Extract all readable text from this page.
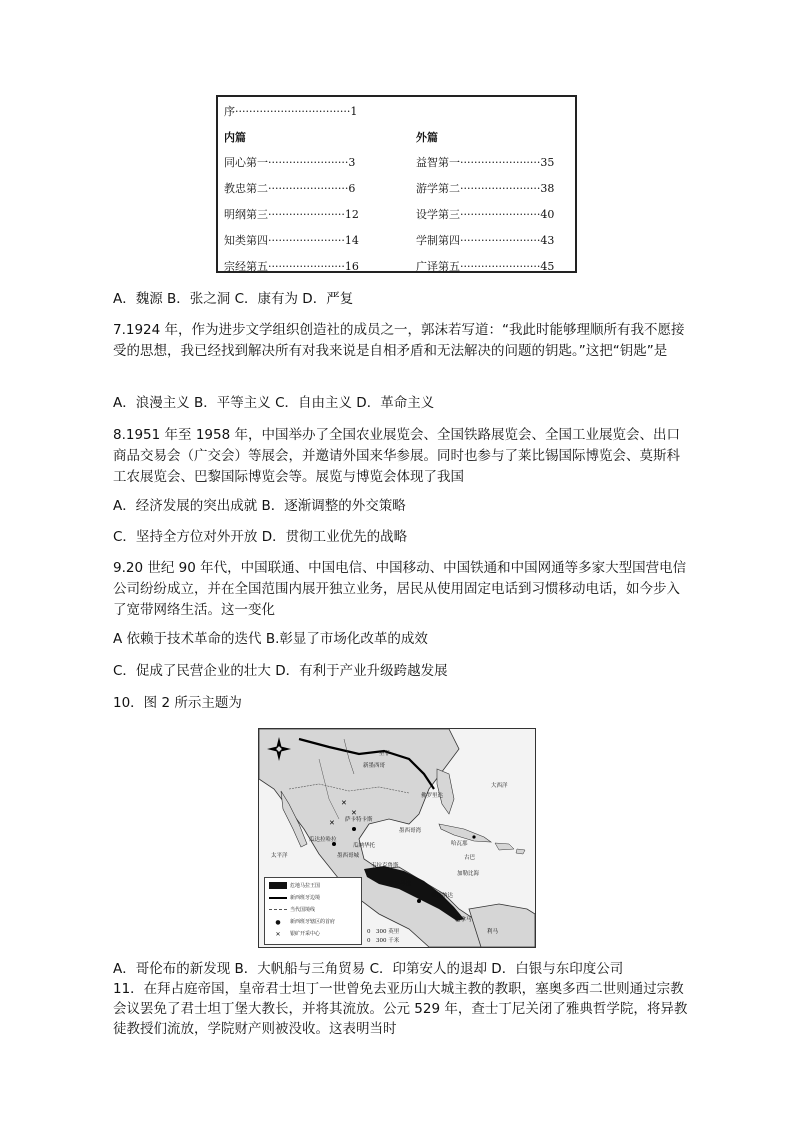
序·································1
内篇	外篇
同心第一·······················3
教忠第二·······················6
明纲第三······················12
知类第四······················14
宗经第五······················16
益智第一·······················35
游学第二·······················38
设学第三·······················40
学制第四·······················43
广译第五·······················45
A．魏源 B．张之洞 C．康有为 D．严复
7.1924 年，作为进步文学组织创造社的成员之一，郭沫若写道：“我此时能够理顺所有我不愿接受的思想，我已经找到解决所有对我来说是自相矛盾和无法解决的问题的钥匙。”这把“钥匙”是
A．浪漫主义 B．平等主义 C．自由主义 D．革命主义
8.1951 年至 1958 年，中国举办了全国农业展览会、全国铁路展览会、全国工业展览会、出口商品交易会（广交会）等展会，并邀请外国来华参展。同时也参与了莱比锡国际博览会、莫斯科工农展览会、巴黎国际博览会等。展览与博览会体现了我国
A．经济发展的突出成就 B．逐渐调整的外交策略
C．坚持全方位对外开放 D．贯彻工业优先的战略
9.20 世纪 90 年代，中国联通、中国电信、中国移动、中国铁通和中国网通等多家大型国营电信公司纷纷成立，并在全国范围内展开独立业务，居民从使用固定电话到习惯移动电话，如今步入了宽带网络生活。这一变化
A 依赖于技术革命的迭代 B.彰显了市场化改革的成效
C．促成了民营企业的壮大 D．有利于产业升级跨越发展
10．图 2 所示主题为
✕
✕
✕
大西洋
墨西哥湾
墨西哥城
太平洋
加勒比海
古巴
哈瓦那
新墨西哥
韦拉克鲁斯
巴拿马
危地马拉
格拉纳达
利马
瓜达拉哈拉
萨卡特卡斯
瓜纳华托
圣菲
佛罗里达
危地马拉王国
新西班牙边境
当代国境线
● 新西班牙辖区的首府
✕ 银矿开采中心	0　300 英里
0　300 千米
A．哥伦布的新发现 B．大帆船与三角贸易 C．印第安人的退却 D．白银与东印度公司
11．在拜占庭帝国，皇帝君士坦丁一世曾免去亚历山大城主教的教职，塞奥多西二世则通过宗教会议罢免了君士坦丁堡大教长，并将其流放。公元 529 年，查士丁尼关闭了雅典哲学院，将异教徒教授们流放，学院财产则被没收。这表明当时
